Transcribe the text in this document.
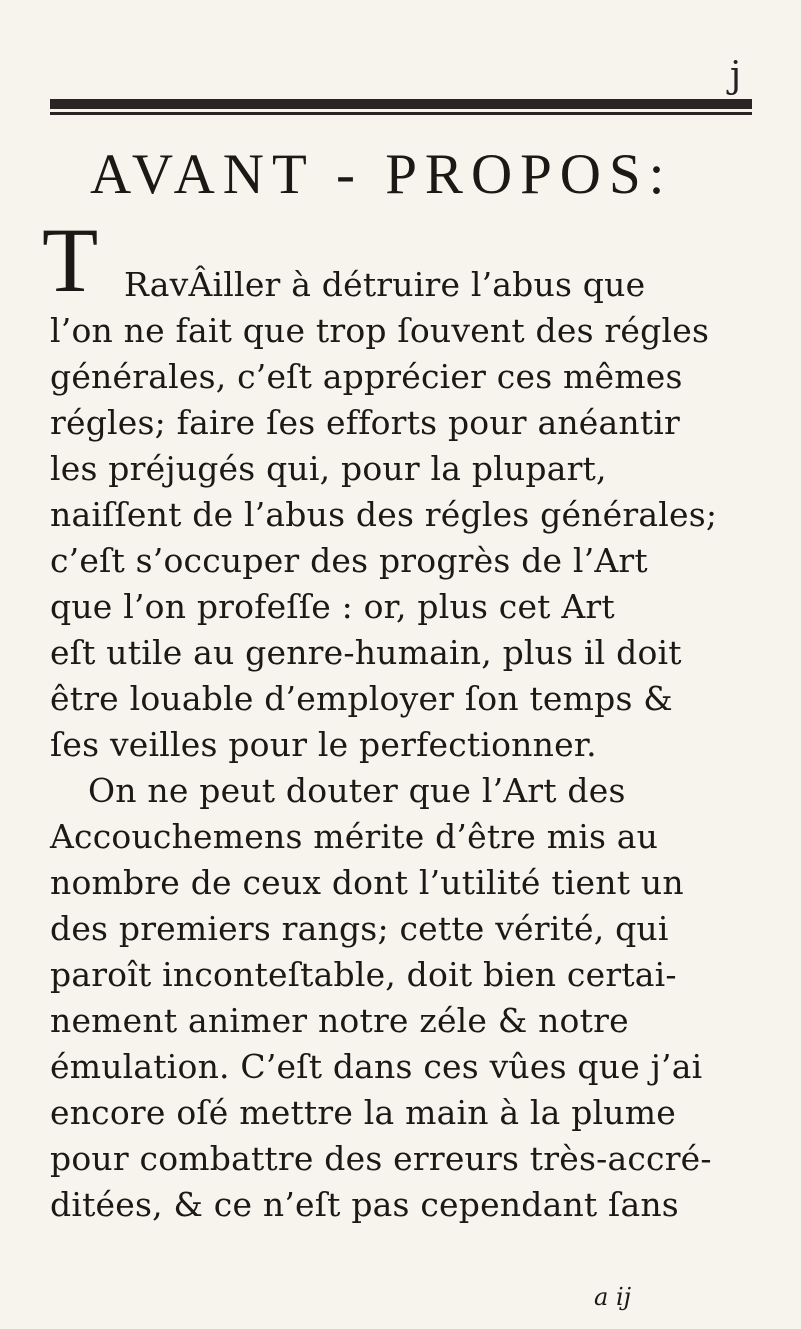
j
AVANT - PROPOS:
T RavÂiller à détruire l’abus que
l’on ne fait que trop ſouvent des régles
générales, c’eſt apprécier ces mêmes
régles; faire ſes efforts pour anéantir
les préjugés qui, pour la plupart,
naiſſent de l’abus des régles générales;
c’eſt s’occuper des progrès de l’Art
que l’on profeſſe : or, plus cet Art
eſt utile au genre-humain, plus il doit
être louable d’employer ſon temps &
ſes veilles pour le perfectionner.
On ne peut douter que l’Art des
Accouchemens mérite d’être mis au
nombre de ceux dont l’utilité tient un
des premiers rangs; cette vérité, qui
paroît inconteſtable, doit bien certai-
nement animer notre zéle & notre
émulation. C’eſt dans ces vûes que j’ai
encore oſé mettre la main à la plume
pour combattre des erreurs très-accré-
ditées, & ce n’eſt pas cependant ſans
a ij
